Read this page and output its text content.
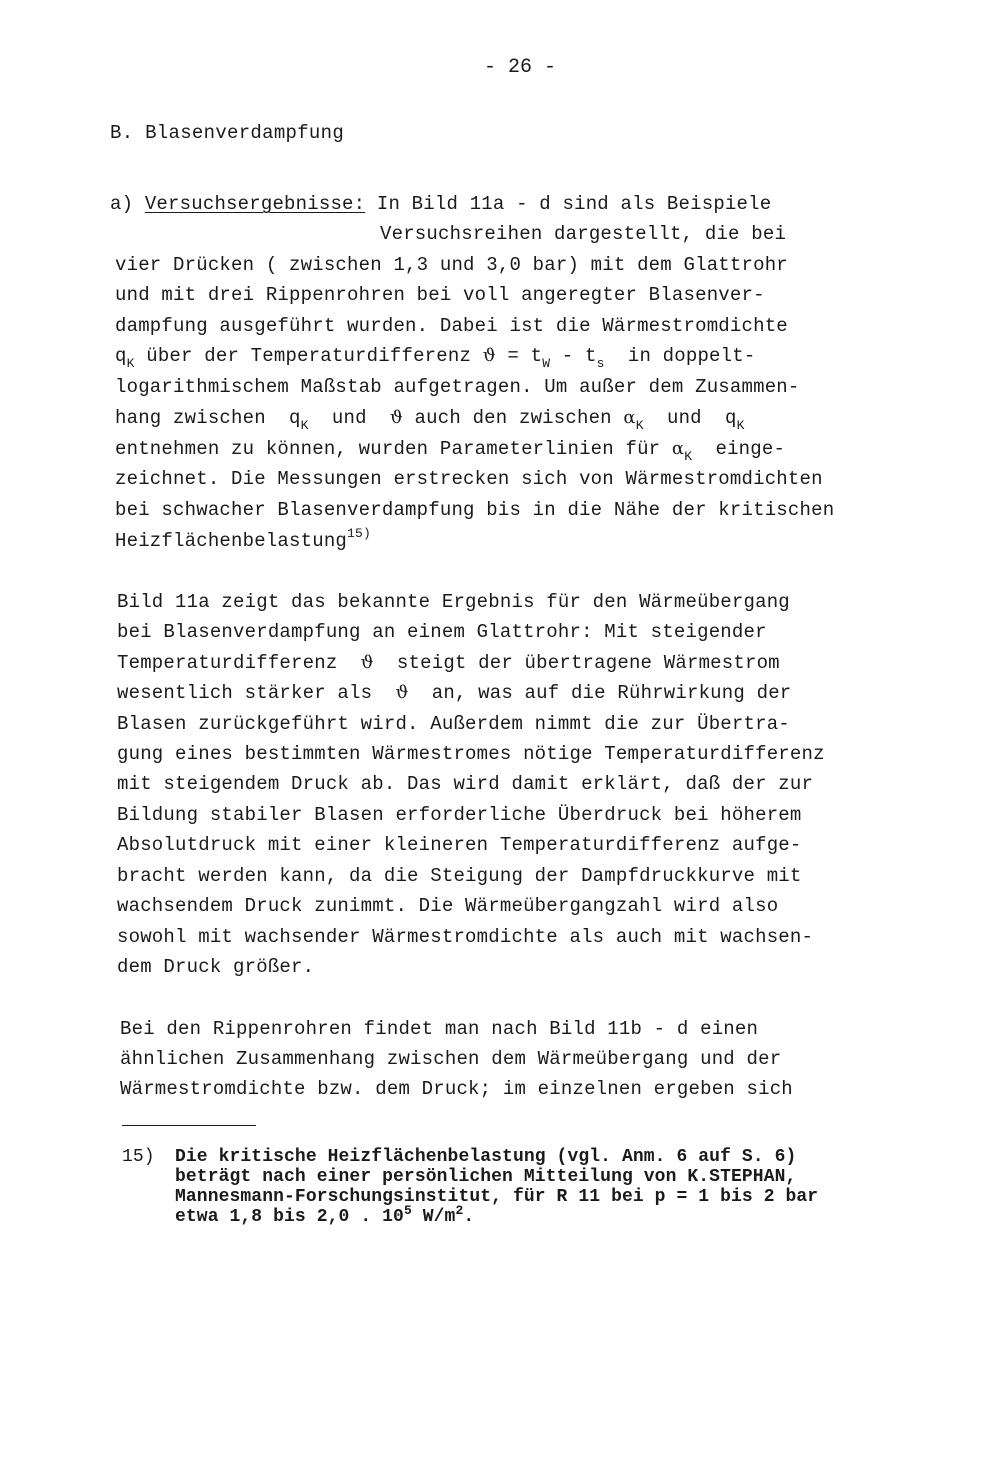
- 26 -
B. Blasenverdampfung
a) Versuchsergebnisse: In Bild 11a - d sind als Beispiele
Versuchsreihen dargestellt, die bei
vier Drücken ( zwischen 1,3 und 3,0 bar) mit dem Glattrohr
und mit drei Rippenrohren bei voll angeregter Blasenver-
dampfung ausgeführt wurden. Dabei ist die Wärmestromdichte
$q_K$ über der Temperaturdifferenz $ϑ = t_W - t_s$  in doppelt-
logarithmischem Maßstab aufgetragen. Um außer dem Zusammen-
hang zwischen  $q_K$  und  ϑ auch den zwischen $\alpha_K$  und  $q_K$
entnehmen zu können, wurden Parameterlinien für $\alpha_K$  einge-
zeichnet. Die Messungen erstrecken sich von Wärmestromdichten
bei schwacher Blasenverdampfung bis in die Nähe der kritischen
Heizflächenbelastung$^{15)}$
Bild 11a zeigt das bekannte Ergebnis für den Wärmeübergang
bei Blasenverdampfung an einem Glattrohr: Mit steigender
Temperaturdifferenz  ϑ  steigt der übertragene Wärmestrom
wesentlich stärker als  ϑ  an, was auf die Rührwirkung der
Blasen zurückgeführt wird. Außerdem nimmt die zur Übertra-
gung eines bestimmten Wärmestromes nötige Temperaturdifferenz
mit steigendem Druck ab. Das wird damit erklärt, daß der zur
Bildung stabiler Blasen erforderliche Überdruck bei höherem
Absolutdruck mit einer kleineren Temperaturdifferenz aufge-
bracht werden kann, da die Steigung der Dampfdruckkurve mit
wachsendem Druck zunimmt. Die Wärmeübergangzahl wird also
sowohl mit wachsender Wärmestromdichte als auch mit wachsen-
dem Druck größer.
Bei den Rippenrohren findet man nach Bild 11b - d einen
ähnlichen Zusammenhang zwischen dem Wärmeübergang und der
Wärmestromdichte bzw. dem Druck; im einzelnen ergeben sich
15) Die kritische Heizflächenbelastung (vgl. Anm. 6 auf S. 6)
beträgt nach einer persönlichen Mitteilung von K.STEPHAN,
Mannesmann-Forschungsinstitut, für R 11 bei p = 1 bis 2 bar
etwa 1,8 bis 2,0 . $10^5$ $W/m^2$.
